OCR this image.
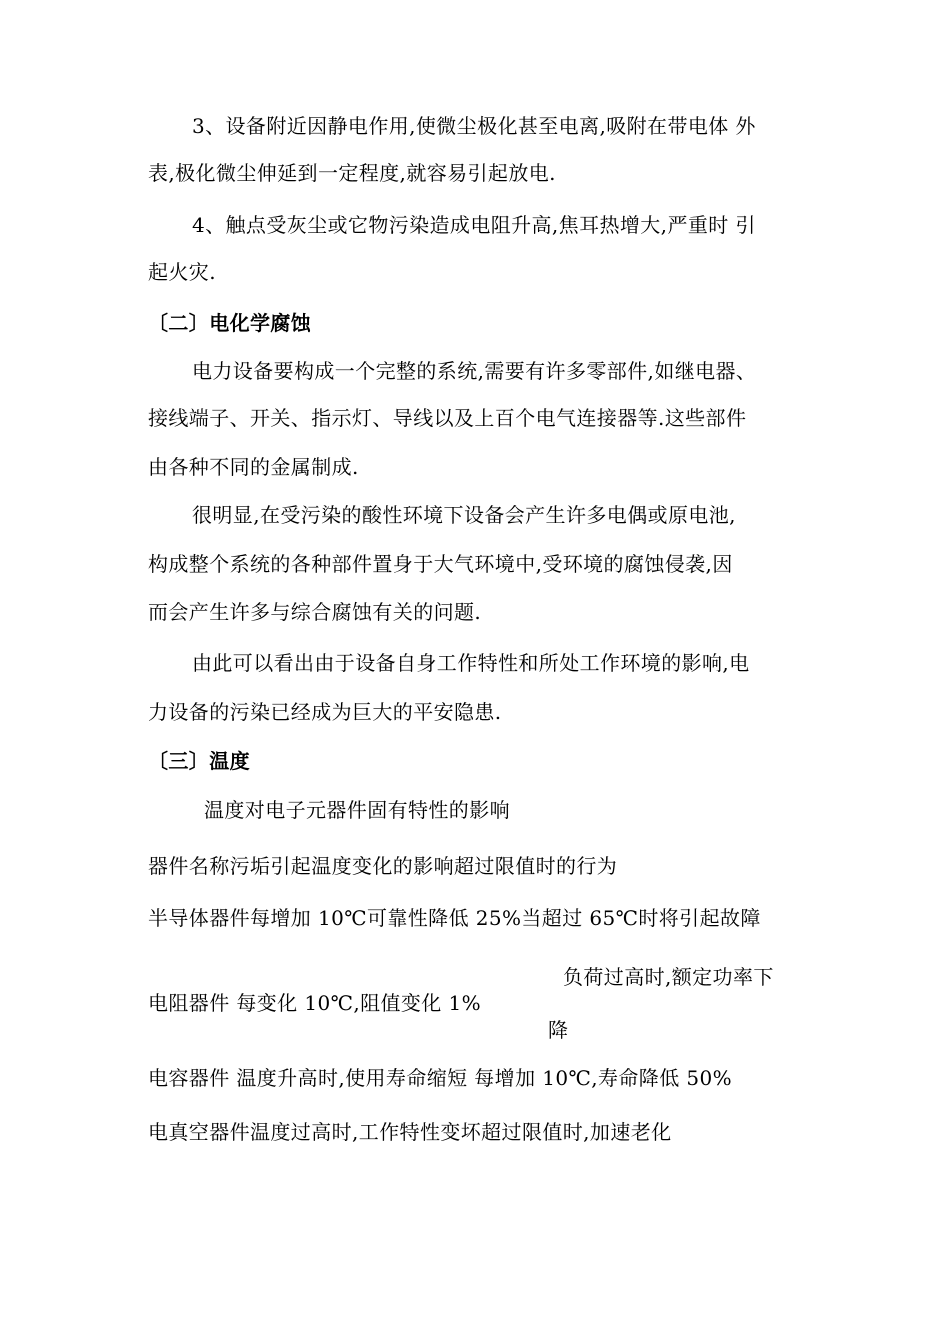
3、设备附近因静电作用,使微尘极化甚至电离,吸附在带电体 外
表,极化微尘伸延到一定程度,就容易引起放电.
4、触点受灰尘或它物污染造成电阻升高,焦耳热增大,严重时 引
起火灾.
〔二〕电化学腐蚀
电力设备要构成一个完整的系统,需要有许多零部件,如继电器、
接线端子、开关、指示灯、导线以及上百个电气连接器等.这些部件
由各种不同的金属制成.
很明显,在受污染的酸性环境下设备会产生许多电偶或原电池,
构成整个系统的各种部件置身于大气环境中,受环境的腐蚀侵袭,因
而会产生许多与综合腐蚀有关的问题.
由此可以看出由于设备自身工作特性和所处工作环境的影响,电
力设备的污染已经成为巨大的平安隐患.
〔三〕温度
温度对电子元器件固有特性的影响
器件名称污垢引起温度变化的影响超过限值时的行为
半导体器件每增加 10℃可靠性降低 25%当超过 65℃时将引起故障
负荷过高时,额定功率下
电阻器件 每变化 10℃,阻值变化 1%
降
电容器件 温度升高时,使用寿命缩短 每增加 10℃,寿命降低 50%
电真空器件温度过高时,工作特性变坏超过限值时,加速老化
